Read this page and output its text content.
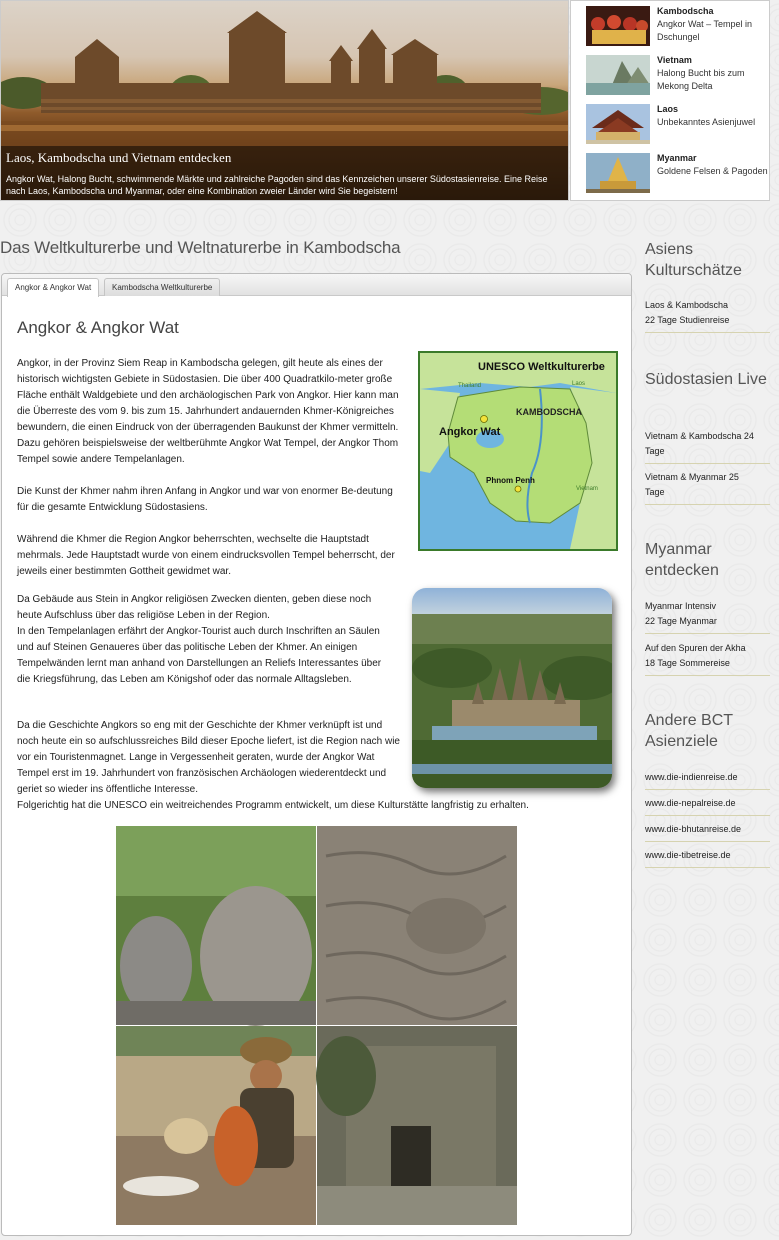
Laos, Kambodscha und Vietnam entdecken
Angkor Wat, Halong Bucht, schwimmende Märkte und zahlreiche Pagoden sind das Kennzeichen unserer Südostasienreise. Eine Reise nach Laos, Kambodscha und Myanmar, oder eine Kombination zweier Länder wird Sie begeistern!
Kambodscha
Angkor Wat – Tempel in Dschungel
Vietnam
Halong Bucht bis zum Mekong Delta
Laos
Unbekanntes Asienjuwel
Myanmar
Goldene Felsen & Pagoden
Das Weltkulturerbe und Weltnaturerbe in Kambodscha
Angkor & Angkor Wat	Kambodscha Weltkulturerbe
Angkor & Angkor Wat
Angkor, in der Provinz Siem Reap in Kambodscha gelegen, gilt heute als eines der historisch wichtigsten Gebiete in Südostasien. Die über 400 Quadratkilo-meter große Fläche enthält Waldgebiete und den archäologischen Park von Angkor. Hier kann man die Überreste des vom 9. bis zum 15. Jahrhundert andauernden Khmer-Königreiches bewundern, die einen Eindruck von der überragenden Baukunst der Khmer vermitteln. Dazu gehören beispielsweise der weltberühmte Angkor Wat Tempel, der Angkor Thom Tempel sowie andere Tempelanlagen.
Die Kunst der Khmer nahm ihren Anfang in Angkor und war von enormer Be-deutung für die gesamte Entwicklung Südostasiens.
Während die Khmer die Region Angkor beherrschten, wechselte die Hauptstadt mehrmals. Jede Hauptstadt wurde von einem eindrucksvollen Tempel beherrscht, der jeweils einer bestimmten Gottheit gewidmet war.
Da Gebäude aus Stein in Angkor religiösen Zwecken dienten, geben diese noch heute Aufschluss über das religiöse Leben in der Region.
In den Tempelanlagen erfährt der Angkor-Tourist auch durch Inschriften an Säulen und auf Steinen Genaueres über das politische Leben der Khmer. An einigen Tempelwänden lernt man anhand von Darstellungen an Reliefs Interessantes über die Kriegsführung, das Leben am Königshof oder das normale Alltagsleben.
Da die Geschichte Angkors so eng mit der Geschichte der Khmer verknüpft ist und noch heute ein so aufschlussreiches Bild dieser Epoche liefert, ist die Region nach wie vor ein Touristenmagnet. Lange in Vergessenheit geraten, wurde der Angkor Wat Tempel erst im 19. Jahrhundert von französischen Archäologen wiederentdeckt und geriet so wieder ins öffentliche Interesse.
Folgerichtig hat die UNESCO ein weitreichendes Programm entwickelt, um diese Kulturstätte langfristig zu erhalten.
UNESCO Weltkulturerbe
Thailand	Laos
Vietnam
KAMBODSCHA
Angkor Wat
Phnom Penh
Asiens Kulturschätze
Laos & Kambodscha
22 Tage Studienreise
Südostasien Live
Vietnam & Kambodscha 24
Tage
Vietnam & Myanmar 25
Tage
Myanmar entdecken
Myanmar Intensiv
22 Tage Myanmar
Auf den Spuren der Akha
18 Tage Sommereise
Andere BCT Asienziele
www.die-indienreise.de
www.die-nepalreise.de
www.die-bhutanreise.de
www.die-tibetreise.de
